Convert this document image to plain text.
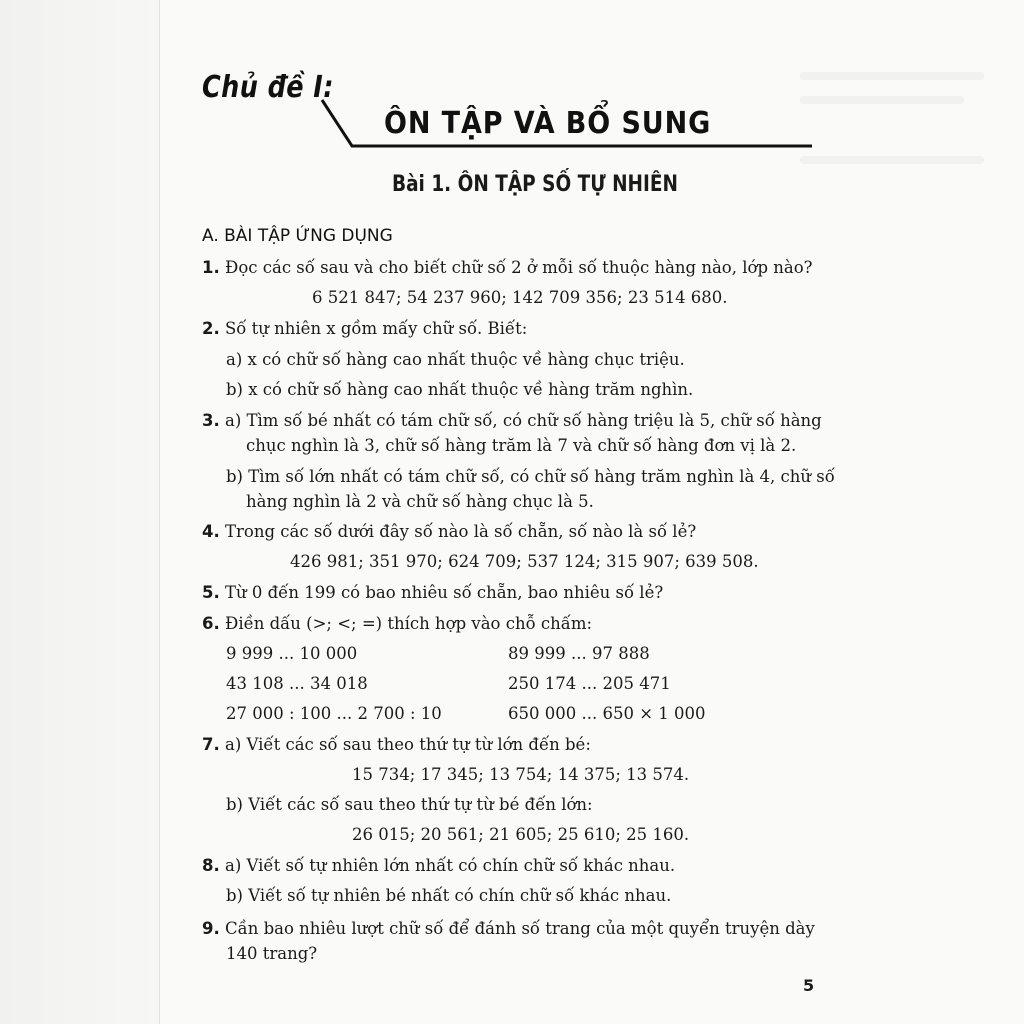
Chủ đề I:
ÔN TẬP VÀ BỔ SUNG
Bài 1. ÔN TẬP SỐ TỰ NHIÊN
A. BÀI TẬP ỨNG DỤNG
1. Đọc các số sau và cho biết chữ số 2 ở mỗi số thuộc hàng nào, lớp nào?
6 521 847; 54 237 960; 142 709 356; 23 514 680.
2. Số tự nhiên x gồm mấy chữ số. Biết:
a) x có chữ số hàng cao nhất thuộc về hàng chục triệu.
b) x có chữ số hàng cao nhất thuộc về hàng trăm nghìn.
3. a) Tìm số bé nhất có tám chữ số, có chữ số hàng triệu là 5, chữ số hàng
chục nghìn là 3, chữ số hàng trăm là 7 và chữ số hàng đơn vị là 2.
b) Tìm số lớn nhất có tám chữ số, có chữ số hàng trăm nghìn là 4, chữ số
hàng nghìn là 2 và chữ số hàng chục là 5.
4. Trong các số dưới đây số nào là số chẵn, số nào là số lẻ?
426 981; 351 970; 624 709; 537 124; 315 907; 639 508.
5. Từ 0 đến 199 có bao nhiêu số chẵn, bao nhiêu số lẻ?
6. Điền dấu (>; <; =) thích hợp vào chỗ chấm:
9 999 ... 10 000	89 999 ... 97 888
43 108 ... 34 018	250 174 ... 205 471
27 000 : 100 ... 2 700 : 10	650 000 ... 650 × 1 000
7. a) Viết các số sau theo thứ tự từ lớn đến bé:
15 734; 17 345; 13 754; 14 375; 13 574.
b) Viết các số sau theo thứ tự từ bé đến lớn:
26 015; 20 561; 21 605; 25 610; 25 160.
8. a) Viết số tự nhiên lớn nhất có chín chữ số khác nhau.
b) Viết số tự nhiên bé nhất có chín chữ số khác nhau.
9. Cần bao nhiêu lượt chữ số để đánh số trang của một quyển truyện dày
140 trang?
5
